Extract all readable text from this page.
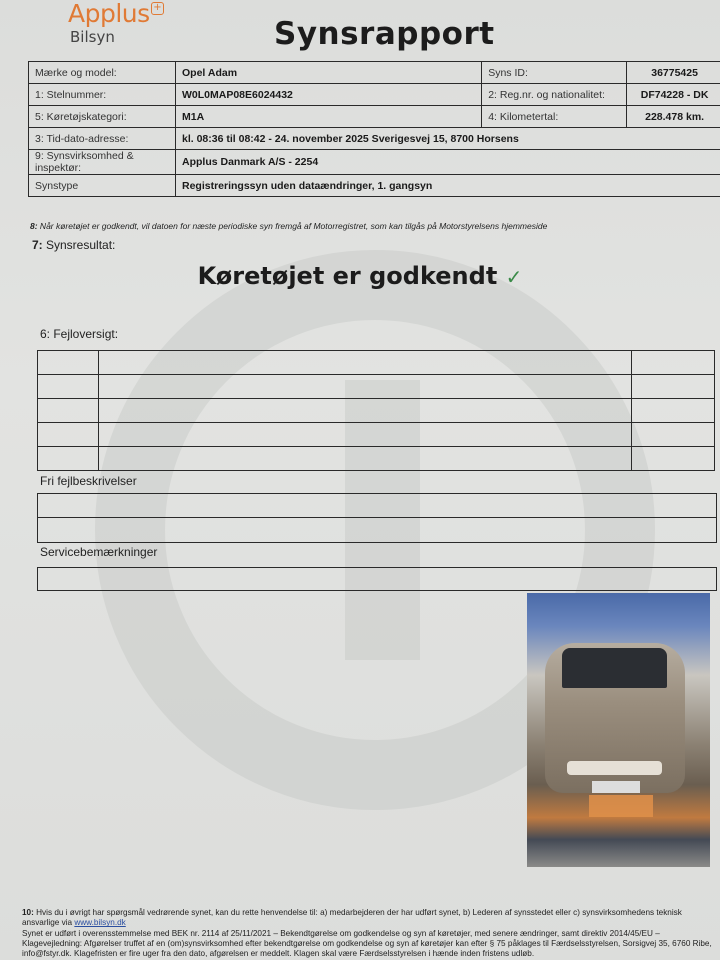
Applus +
Bilsyn	Synsrapport
Mærke og model:	Opel Adam	Syns ID:	36775425
1: Stelnummer:	W0L0MAP08E6024432	2: Reg.nr. og nationalitet:	DF74228 - DK
5: Køretøjskategori:	M1A	4: Kilometertal:	228.478 km.
3: Tid-dato-adresse:	kl. 08:36 til 08:42 - 24. november 2025 Sverigesvej 15, 8700 Horsens		
9: Synsvirksomhed & inspektør:	Applus Danmark A/S - 2254		
Synstype	Registreringssyn uden dataændringer, 1. gangsyn		
8: Når køretøjet er godkendt, vil datoen for næste periodiske syn fremgå af Motorregistret, som kan tilgås på Motorstyrelsens hjemmeside
7: Synsresultat:
Køretøjet er godkendt ✓
6: Fejloversigt:

Fri fejlbeskrivelser
Servicebemærkninger
10: Hvis du i øvrigt har spørgsmål vedrørende synet, kan du rette henvendelse til: a) medarbejderen der har udført synet, b) Lederen af synsstedet eller c) synsvirksomhedens teknisk ansvarlige via www.bilsyn.dk
Synet er udført i overensstemmelse med BEK nr. 2114 af 25/11/2021 – Bekendtgørelse om godkendelse og syn af køretøjer, med senere ændringer, samt direktiv 2014/45/EU –
Klagevejledning: Afgørelser truffet af en (om)synsvirksomhed efter bekendtgørelse om godkendelse og syn af køretøjer kan efter § 75 påklages til Færdselsstyrelsen, Sorsigvej 35, 6760 Ribe, info@fstyr.dk. Klagefristen er fire uger fra den dato, afgørelsen er meddelt. Klagen skal være Færdselsstyrelsen i hænde inden fristens udløb.
